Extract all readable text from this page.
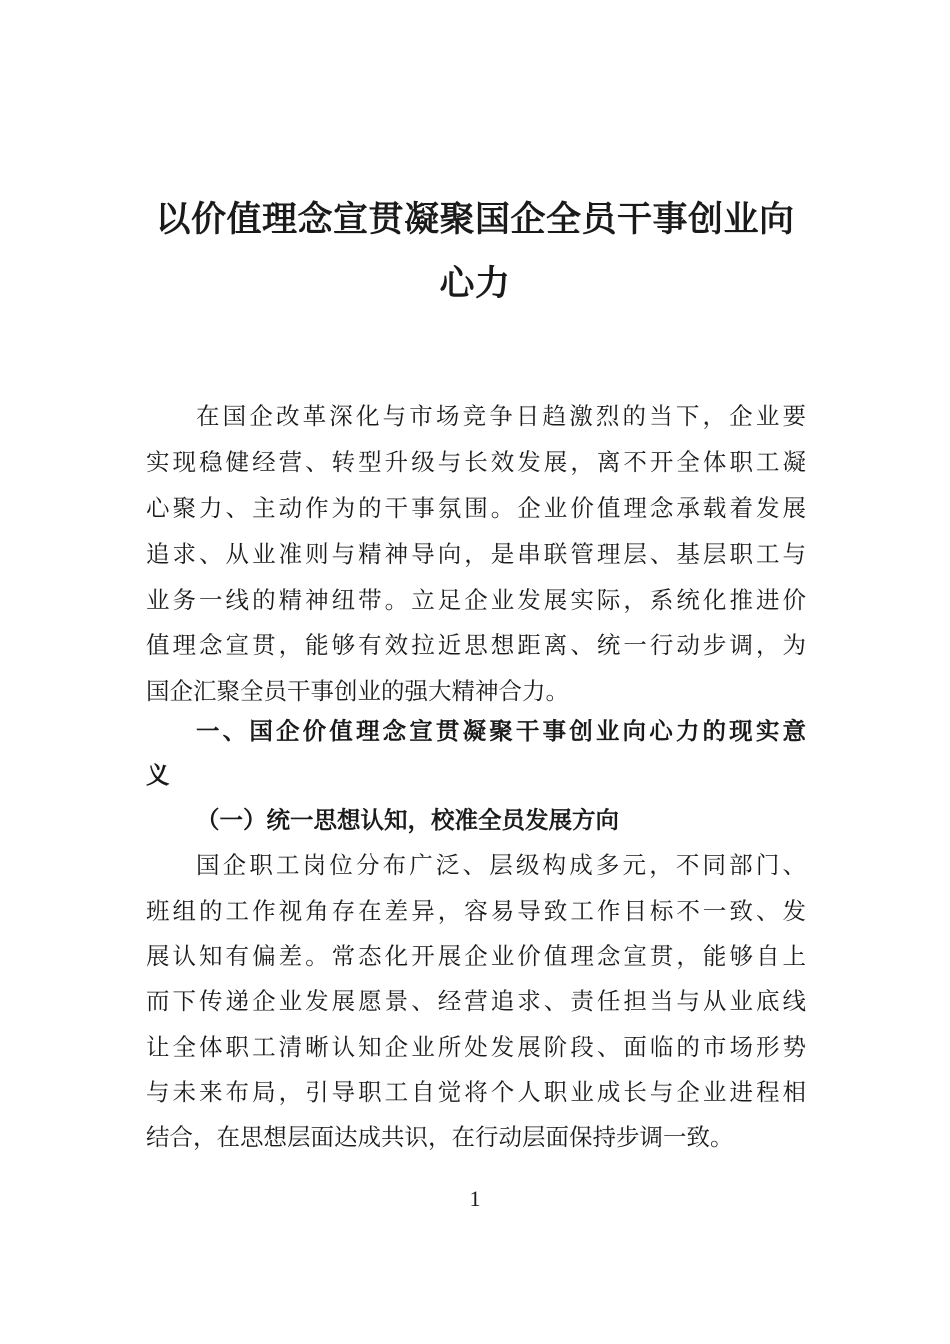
以价值理念宣贯凝聚国企全员干事创业向
心力

在国企改革深化与市场竞争日趋激烈的当下，企业要

实现稳健经营、转型升级与长效发展，离不开全体职工凝

心聚力、主动作为的干事氛围。企业价值理念承载着发展

追求、从业准则与精神导向，是串联管理层、基层职工与

业务一线的精神纽带。立足企业发展实际，系统化推进价

值理念宣贯，能够有效拉近思想距离、统一行动步调，为

国企汇聚全员干事创业的强大精神合力。

一、国企价值理念宣贯凝聚干事创业向心力的现实意
义
（一）统一思想认知，校准全员发展方向

国企职工岗位分布广泛、层级构成多元，不同部门、

班组的工作视角存在差异，容易导致工作目标不一致、发

展认知有偏差。常态化开展企业价值理念宣贯，能够自上

而下传递企业发展愿景、经营追求、责任担当与从业底线

让全体职工清晰认知企业所处发展阶段、面临的市场形势

与未来布局，引导职工自觉将个人职业成长与企业进程相

结合，在思想层面达成共识，在行动层面保持步调一致。

1
